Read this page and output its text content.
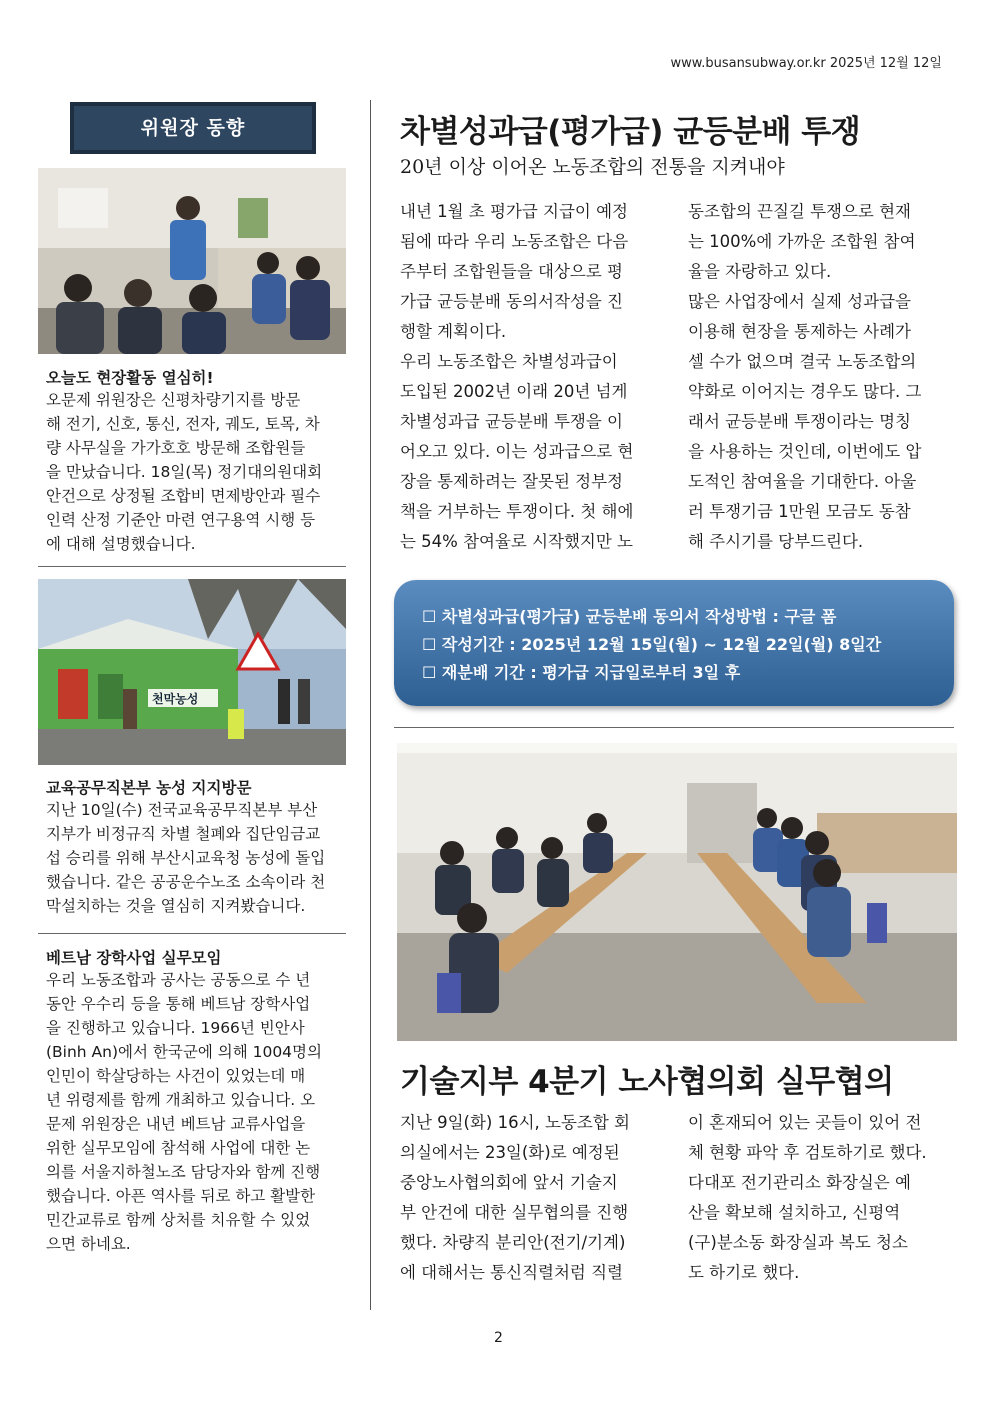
www.busansubway.or.kr 2025년 12월 12일
위원장 동향
오늘도 현장활동 열심히!
오문제 위원장은 신평차량기지를 방문
해 전기, 신호, 통신, 전자, 궤도, 토목, 차
량 사무실을 가가호호 방문해 조합원들
을 만났습니다. 18일(목) 정기대의원대회
안건으로 상정될 조합비 면제방안과 필수
인력 산정 기준안 마련 연구용역 시행 등
에 대해 설명했습니다.
천막농성
교육공무직본부 농성 지지방문
지난 10일(수) 전국교육공무직본부 부산
지부가 비정규직 차별 철폐와 집단임금교
섭 승리를 위해 부산시교육청 농성에 돌입
했습니다. 같은 공공운수노조 소속이라 천
막설치하는 것을 열심히 지켜봤습니다.
베트남 장학사업 실무모임
우리 노동조합과 공사는 공동으로 수 년
동안 우수리 등을 통해 베트남 장학사업
을 진행하고 있습니다. 1966년 빈안사
(Binh An)에서 한국군에 의해 1004명의
인민이 학살당하는 사건이 있었는데 매
년 위령제를 함께 개최하고 있습니다. 오
문제 위원장은 내년 베트남 교류사업을
위한 실무모임에 참석해 사업에 대한 논
의를 서울지하철노조 담당자와 함께 진행
했습니다. 아픈 역사를 뒤로 하고 활발한
민간교류로 함께 상처를 치유할 수 있었
으면 하네요.
차별성과급(평가급) 균등분배 투쟁
20년 이상 이어온 노동조합의 전통을 지켜내야
내년 1월 초 평가급 지급이 예정
됨에 따라 우리 노동조합은 다음
주부터 조합원들을 대상으로 평
가급 균등분배 동의서작성을 진
행할 계획이다.
우리 노동조합은 차별성과급이
도입된 2002년 이래 20년 넘게
차별성과급 균등분배 투쟁을 이
어오고 있다. 이는 성과급으로 현
장을 통제하려는 잘못된 정부정
책을 거부하는 투쟁이다. 첫 해에
는 54% 참여율로 시작했지만 노
동조합의 끈질길 투쟁으로 현재
는 100%에 가까운 조합원 참여
율을 자랑하고 있다.
많은 사업장에서 실제 성과급을
이용해 현장을 통제하는 사례가
셀 수가 없으며 결국 노동조합의
약화로 이어지는 경우도 많다. 그
래서 균등분배 투쟁이라는 명칭
을 사용하는 것인데, 이번에도 압
도적인 참여율을 기대한다. 아울
러 투쟁기금 1만원 모금도 동참
해 주시기를 당부드린다.
☐ 차별성과급(평가급) 균등분배 동의서 작성방법 : 구글 폼
☐ 작성기간 : 2025년 12월 15일(월) ~ 12월 22일(월) 8일간
☐ 재분배 기간 : 평가급 지급일로부터 3일 후
기술지부 4분기 노사협의회 실무협의
지난 9일(화) 16시, 노동조합 회
의실에서는 23일(화)로 예정된
중앙노사협의회에 앞서 기술지
부 안건에 대한 실무협의를 진행
했다. 차량직 분리안(전기/기계)
에 대해서는 통신직렬처럼 직렬
이 혼재되어 있는 곳들이 있어 전
체 현황 파악 후 검토하기로 했다.
다대포 전기관리소 화장실은 예
산을 확보해 설치하고, 신평역
(구)분소동 화장실과 복도 청소
도 하기로 했다.
2
